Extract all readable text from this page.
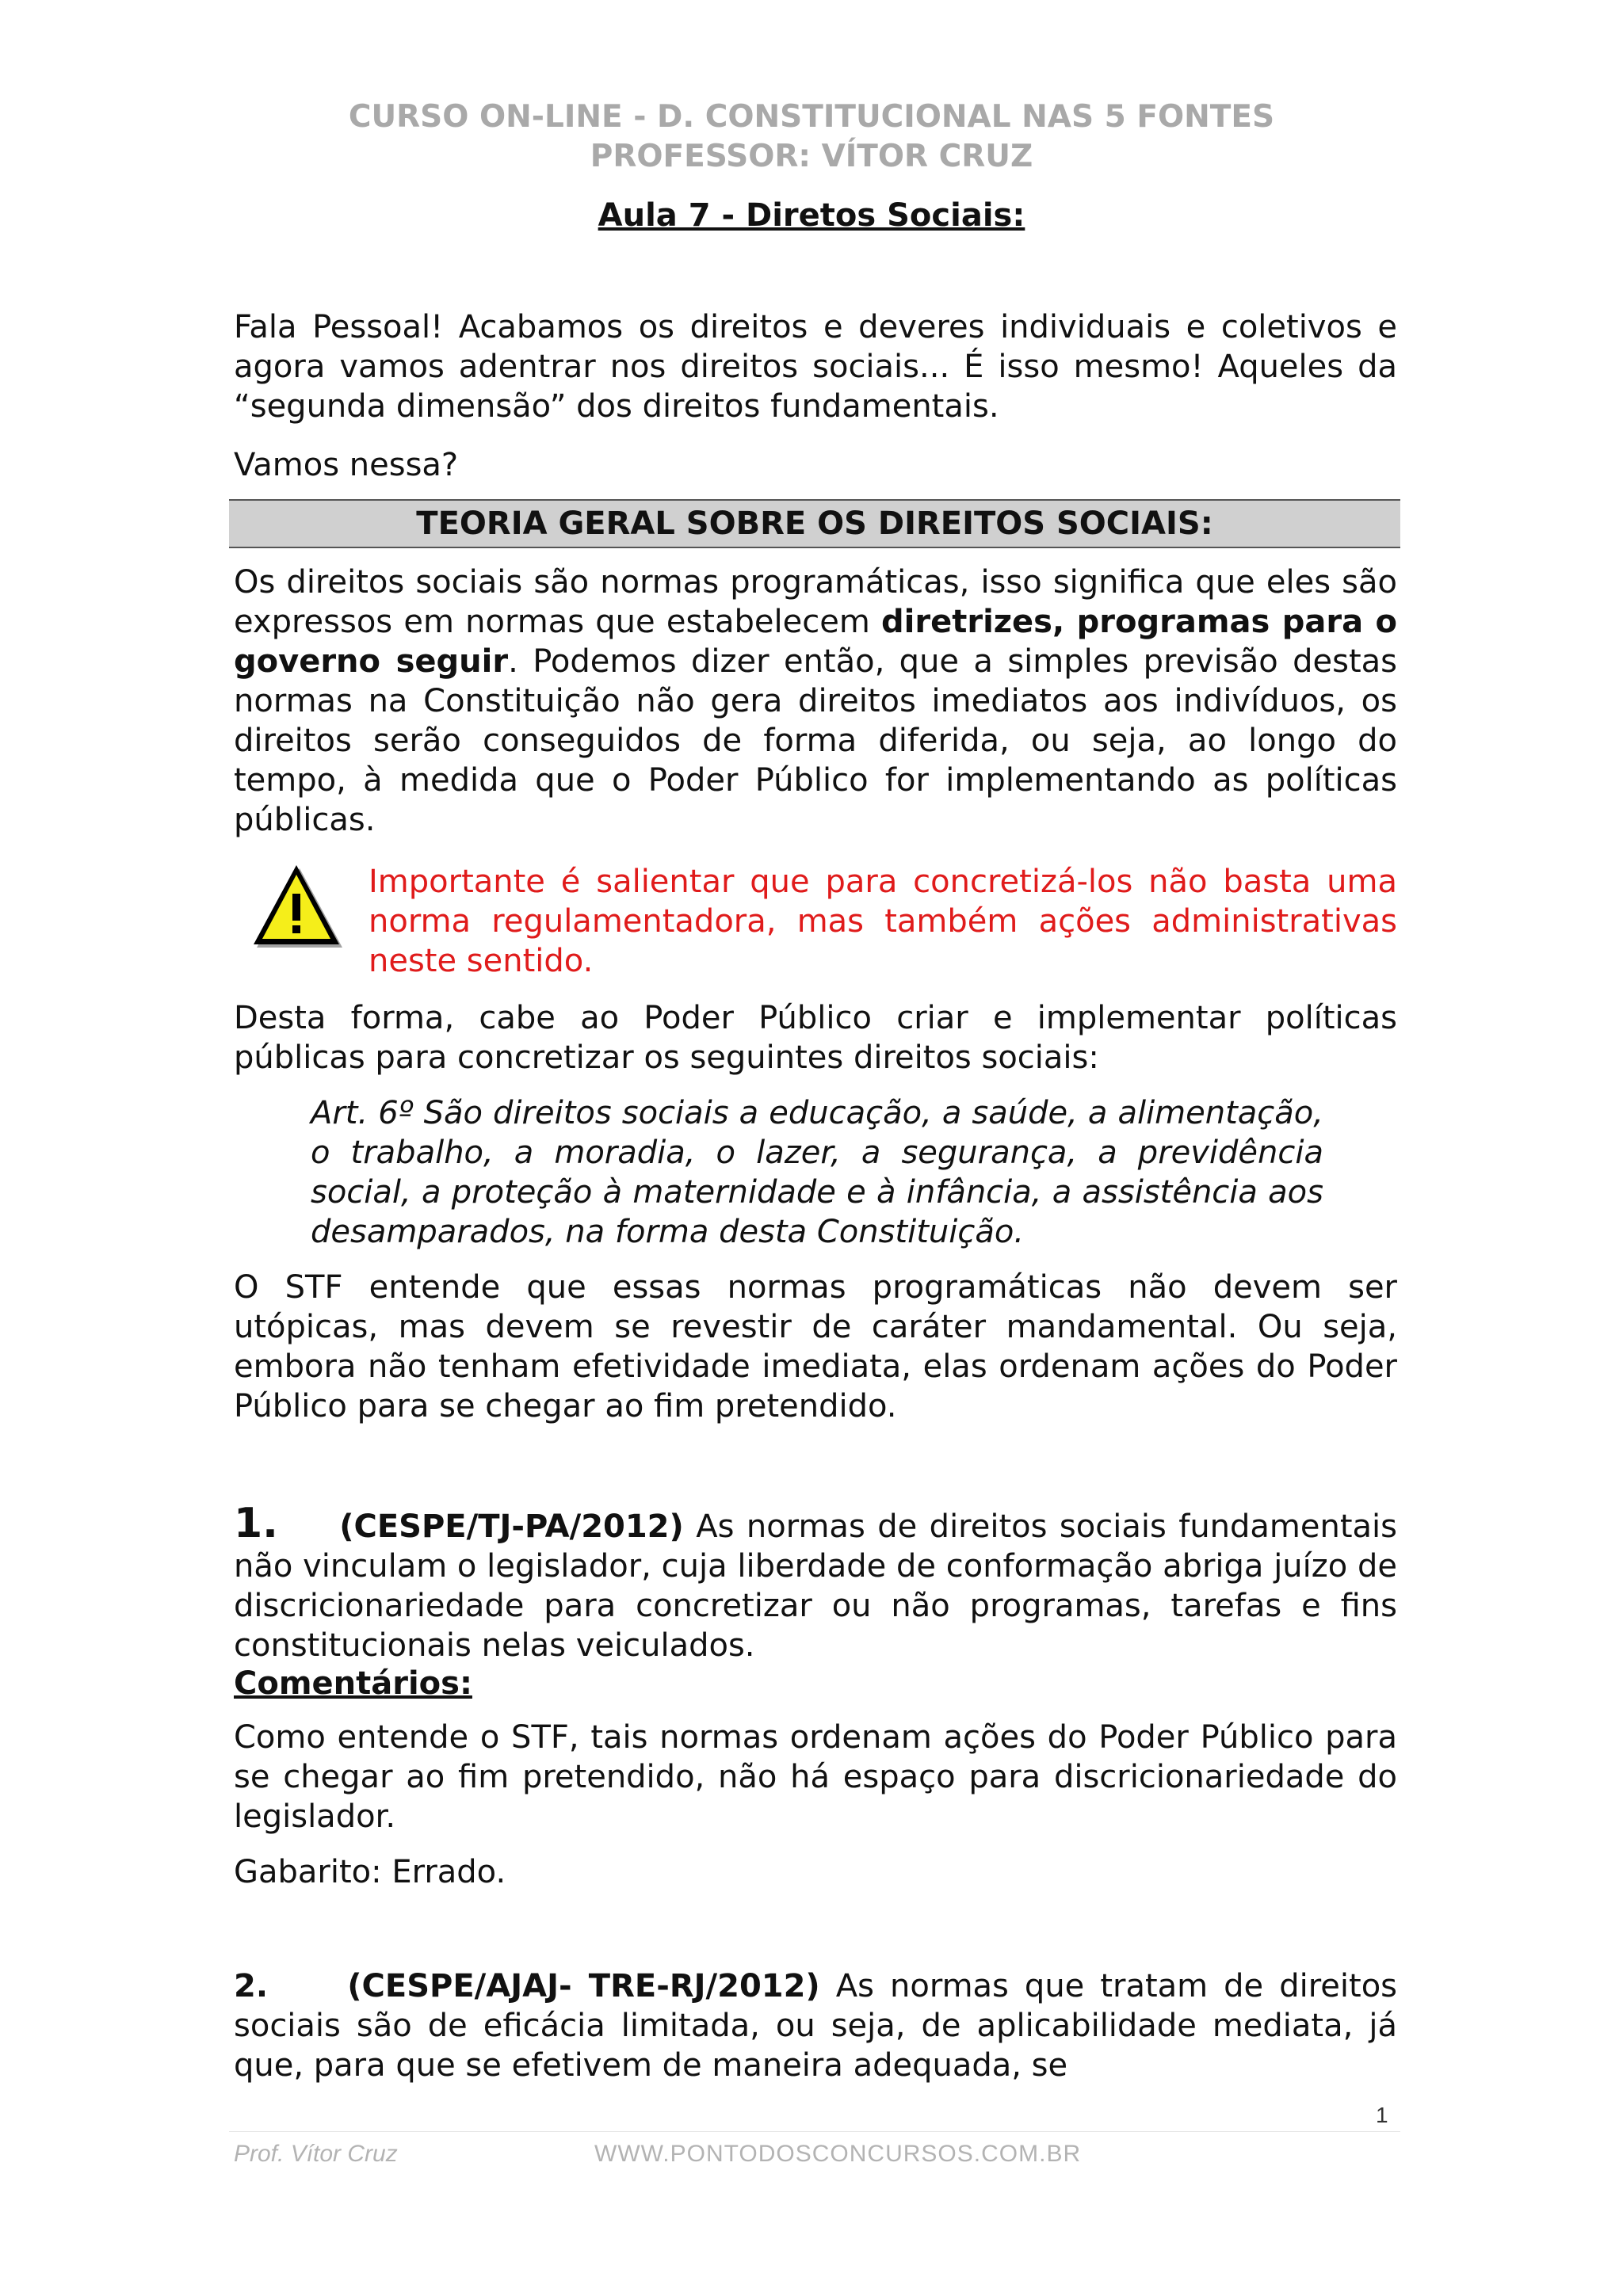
CURSO ON-LINE - D. CONSTITUCIONAL NAS 5 FONTES
PROFESSOR: VÍTOR CRUZ
Aula 7 - Diretos Sociais:
Fala Pessoal! Acabamos os direitos e deveres individuais e coletivos e agora vamos adentrar nos direitos sociais... É isso mesmo! Aqueles da “segunda dimensão” dos direitos fundamentais.
Vamos nessa?
TEORIA GERAL SOBRE OS DIREITOS SOCIAIS:
Os direitos sociais são normas programáticas, isso significa que eles são expressos em normas que estabelecem diretrizes, programas para o governo seguir. Podemos dizer então, que a simples previsão destas normas na Constituição não gera direitos imediatos aos indivíduos, os direitos serão conseguidos de forma diferida, ou seja, ao longo do tempo, à medida que o Poder Público for implementando as políticas públicas.
Importante é salientar que para concretizá-los não basta uma norma regulamentadora, mas também ações administrativas neste sentido.
Desta forma, cabe ao Poder Público criar e implementar políticas públicas para concretizar os seguintes direitos sociais:
Art. 6º São direitos sociais a educação, a saúde, a alimentação, o trabalho, a moradia, o lazer, a segurança, a previdência social, a proteção à maternidade e à infância, a assistência aos desamparados, na forma desta Constituição.
O STF entende que essas normas programáticas não devem ser utópicas, mas devem se revestir de caráter mandamental. Ou seja, embora não tenham efetividade imediata, elas ordenam ações do Poder Público para se chegar ao fim pretendido.
1. (CESPE/TJ-PA/2012) As normas de direitos sociais fundamentais não vinculam o legislador, cuja liberdade de conformação abriga juízo de discricionariedade para concretizar ou não programas, tarefas e fins constitucionais nelas veiculados.
Comentários:
Como entende o STF, tais normas ordenam ações do Poder Público para se chegar ao fim pretendido, não há espaço para discricionariedade do legislador.
Gabarito: Errado.
2.	(CESPE/AJAJ- TRE-RJ/2012) As normas que tratam de direitos sociais são de eficácia limitada, ou seja, de aplicabilidade mediata, já que, para que se efetivem de maneira adequada, se
1
Prof. Vítor Cruz	WWW.PONTODOSCONCURSOS.COM.BR
